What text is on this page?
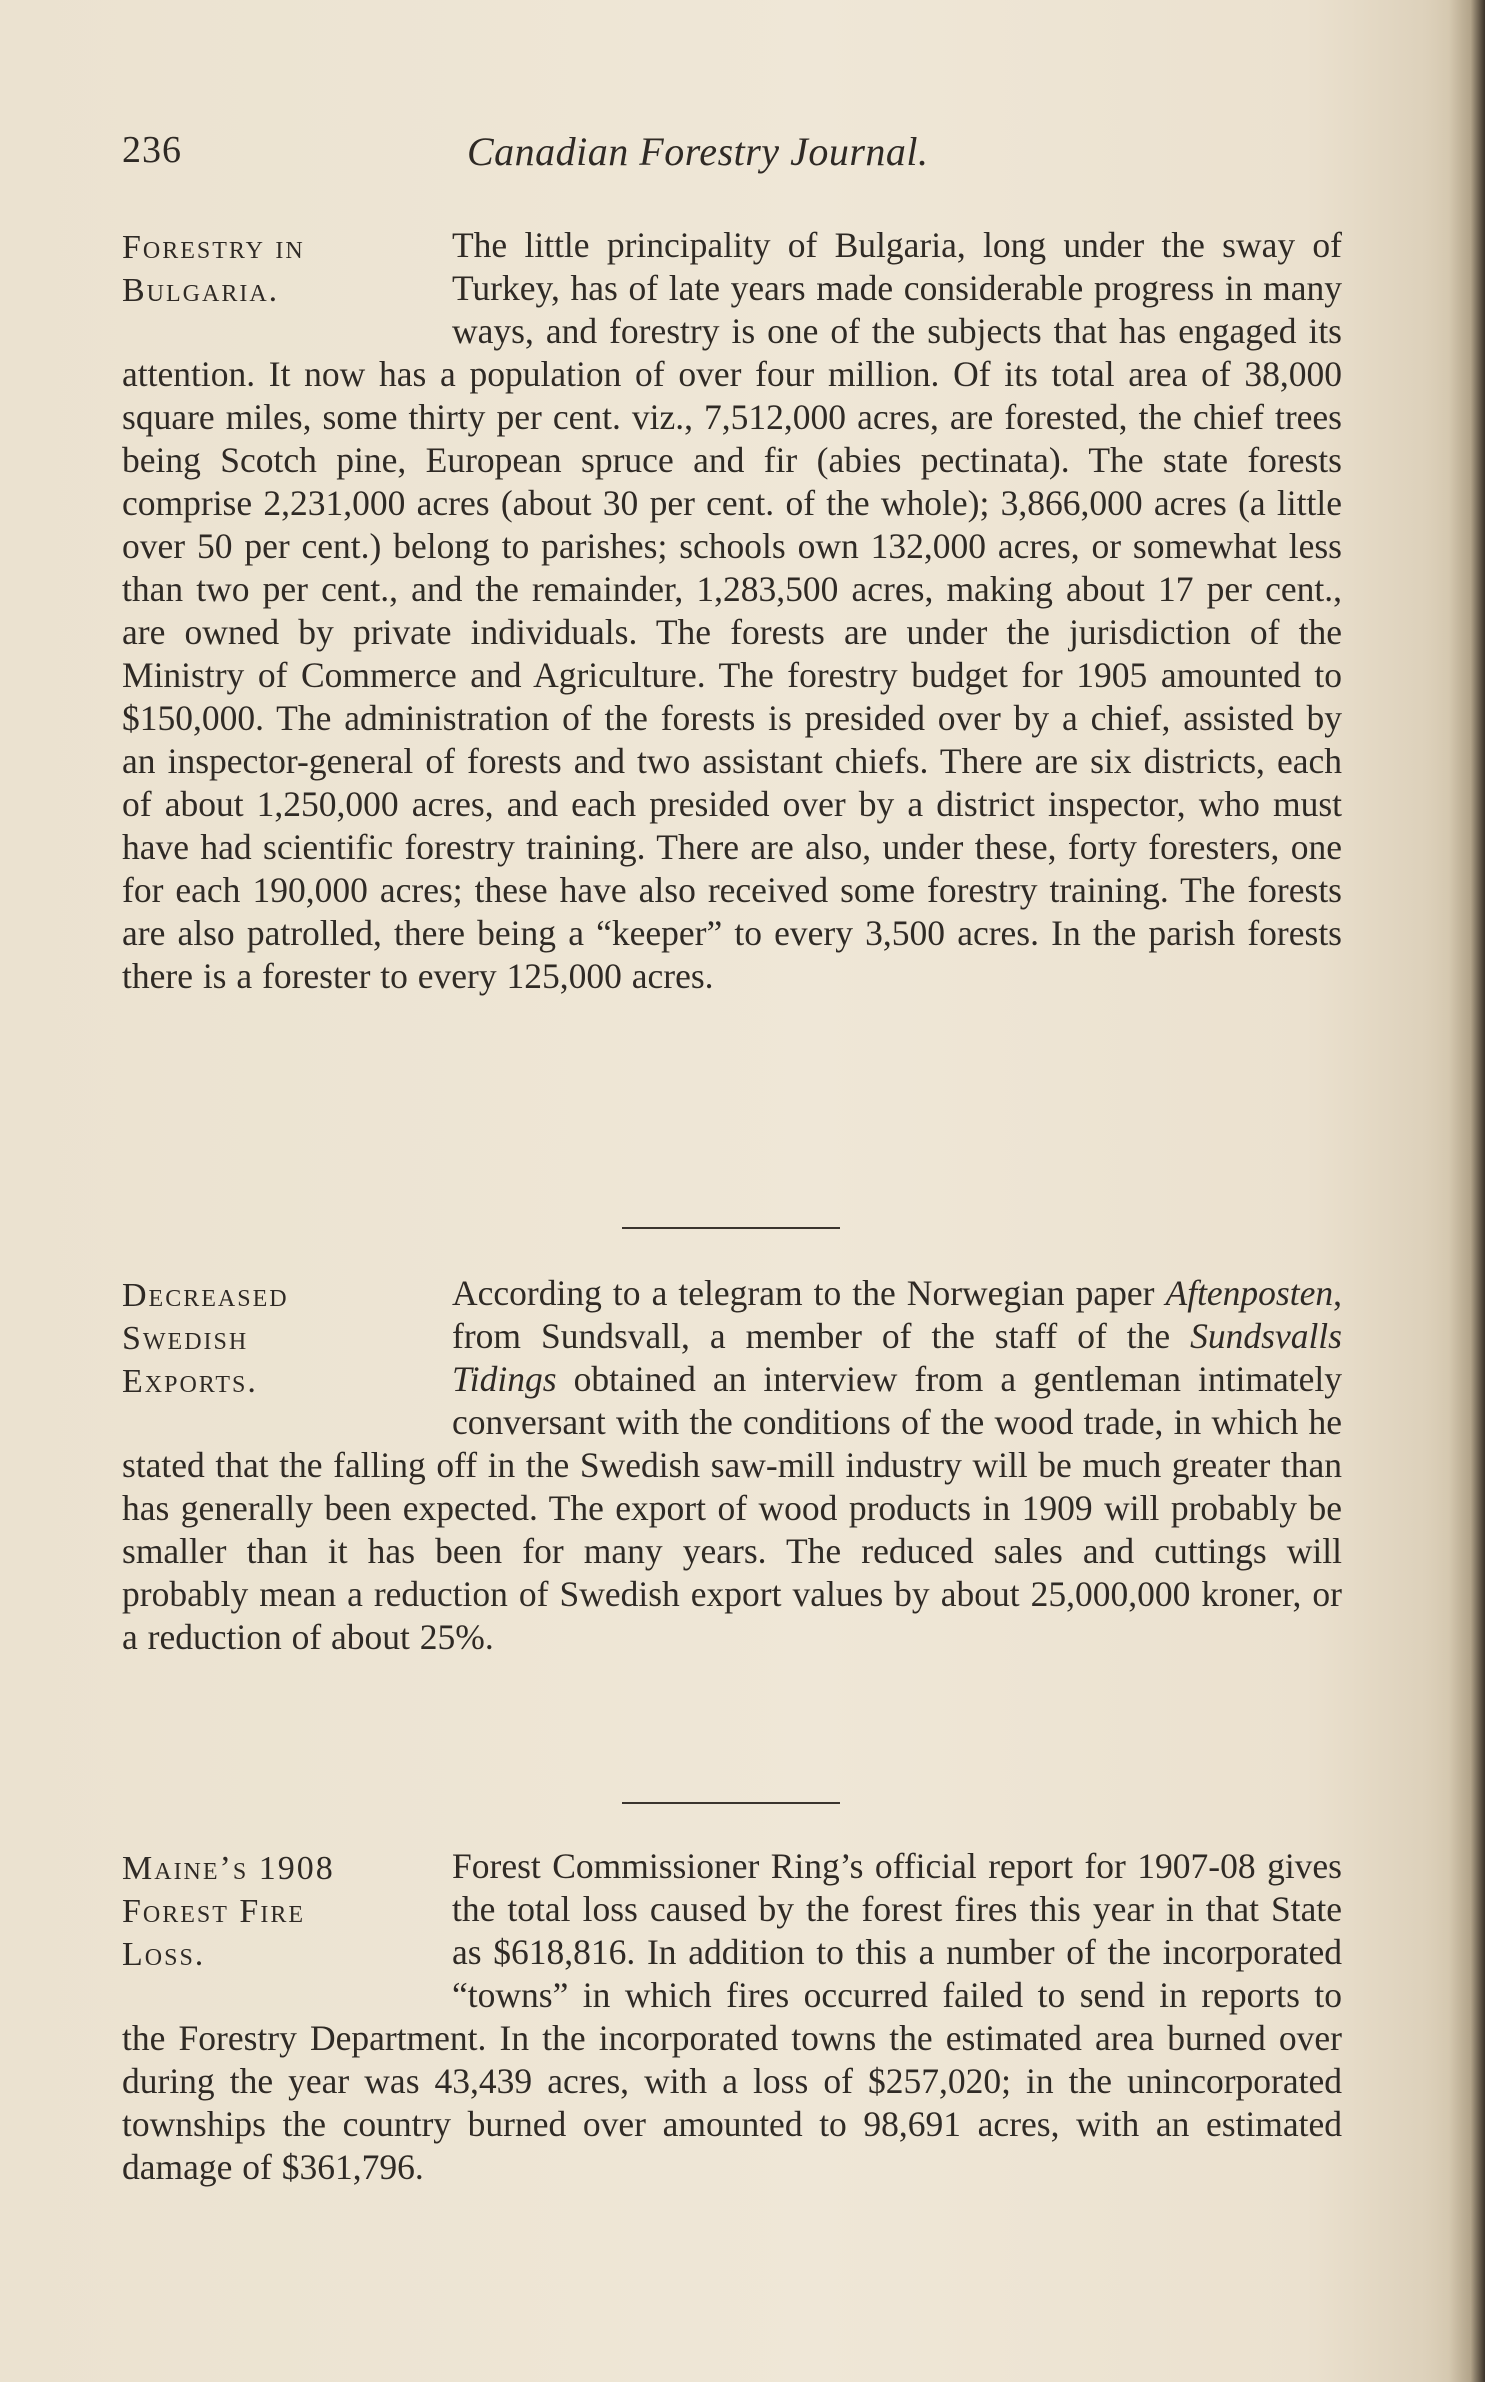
236	Canadian Forestry Journal.
Forestry in
Bulgaria.

The little principality of Bulgaria, long under the sway of Turkey, has of late years made considerable progress in many ways, and forestry is one of the subjects that has engaged its attention. It now has a population of over four million. Of its total area of 38,000 square miles, some thirty per cent. viz., 7,512,000 acres, are forested, the chief trees being Scotch pine, European spruce and fir (abies pectinata). The state forests comprise 2,231,000 acres (about 30 per cent. of the whole); 3,866,000 acres (a little over 50 per cent.) belong to parishes; schools own 132,000 acres, or somewhat less than two per cent., and the remainder, 1,283,500 acres, making about 17 per cent., are owned by private individuals. The forests are under the jurisdiction of the Ministry of Commerce and Agriculture. The forestry budget for 1905 amounted to $150,000. The administration of the forests is presided over by a chief, assisted by an inspector-general of forests and two assistant chiefs. There are six districts, each of about 1,250,000 acres, and each presided over by a district inspector, who must have had scientific forestry training. There are also, under these, forty foresters, one for each 190,000 acres; these have also received some forestry training. The forests are also patrolled, there being a “keeper” to every 3,500 acres. In the parish forests there is a forester to every 125,000 acres.

Decreased
Swedish
Exports.

According to a telegram to the Norwegian paper Aftenposten, from Sundsvall, a member of the staff of the Sundsvalls Tidings obtained an interview from a gentleman intimately conversant with the conditions of the wood trade, in which he stated that the falling off in the Swedish saw-mill industry will be much greater than has generally been expected. The export of wood products in 1909 will probably be smaller than it has been for many years. The reduced sales and cuttings will probably mean a reduction of Swedish export values by about 25,000,000 kroner, or a reduction of about 25%.

Maine’s 1908
Forest Fire
Loss.

Forest Commissioner Ring’s official report for 1907-08 gives the total loss caused by the forest fires this year in that State as $618,816. In addition to this a number of the incorporated “towns” in which fires occurred failed to send in reports to the Forestry Department. In the incorporated towns the estimated area burned over during the year was 43,439 acres, with a loss of $257,020; in the unincorporated townships the country burned over amounted to 98,691 acres, with an estimated damage of $361,796.
